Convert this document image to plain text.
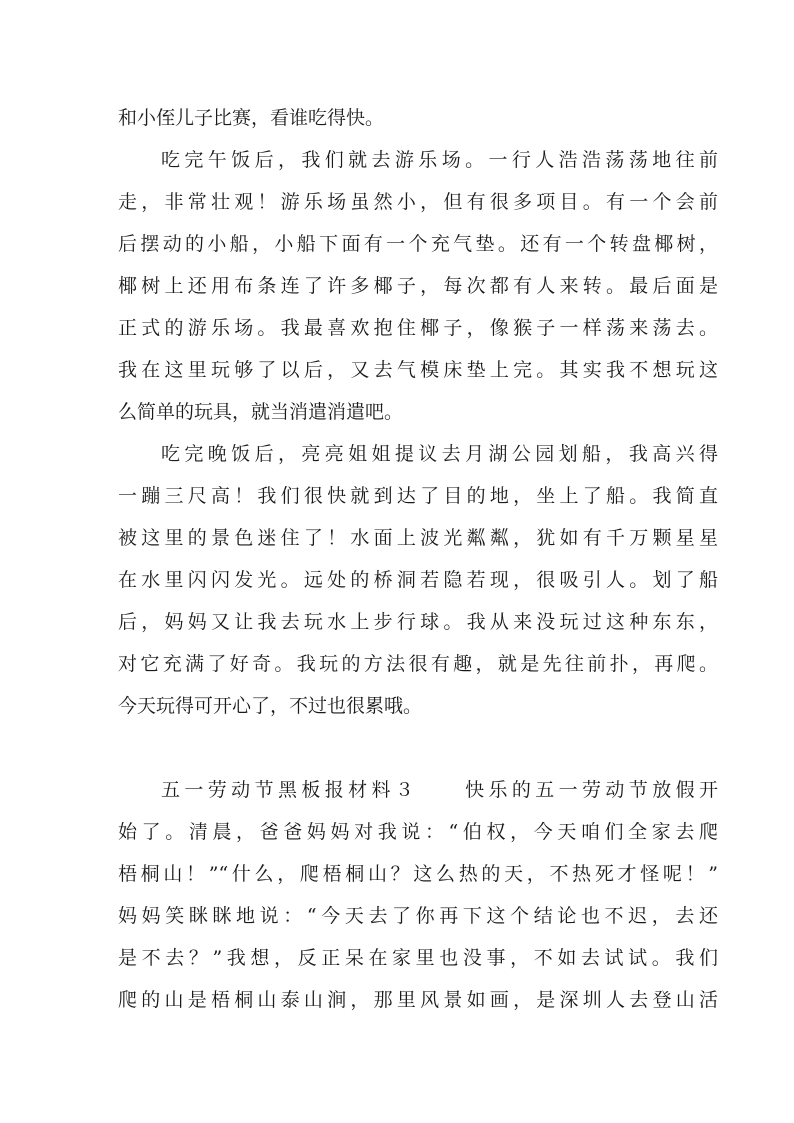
和小侄儿子比赛，看谁吃得快。
吃完午饭后，我们就去游乐场。一行人浩浩荡荡地往前
走，非常壮观！游乐场虽然小，但有很多项目。有一个会前
后摆动的小船，小船下面有一个充气垫。还有一个转盘椰树，
椰树上还用布条连了许多椰子，每次都有人来转。最后面是
正式的游乐场。我最喜欢抱住椰子，像猴子一样荡来荡去。
我在这里玩够了以后，又去气模床垫上完。其实我不想玩这
么简单的玩具，就当消遣消遣吧。
吃完晚饭后，亮亮姐姐提议去月湖公园划船，我高兴得
一蹦三尺高！我们很快就到达了目的地，坐上了船。我简直
被这里的景色迷住了！水面上波光粼粼，犹如有千万颗星星
在水里闪闪发光。远处的桥洞若隐若现，很吸引人。划了船
后，妈妈又让我去玩水上步行球。我从来没玩过这种东东，
对它充满了好奇。我玩的方法很有趣，就是先往前扑，再爬。
今天玩得可开心了，不过也很累哦。
五一劳动节黑板报材料３　　快乐的五一劳动节放假开
始了。清晨，爸爸妈妈对我说：“伯权，今天咱们全家去爬
梧桐山！”“什么，爬梧桐山？这么热的天，不热死才怪呢！”
妈妈笑眯眯地说：“今天去了你再下这个结论也不迟，去还
是不去？”我想，反正呆在家里也没事，不如去试试。我们
爬的山是梧桐山泰山涧，那里风景如画，是深圳人去登山活
